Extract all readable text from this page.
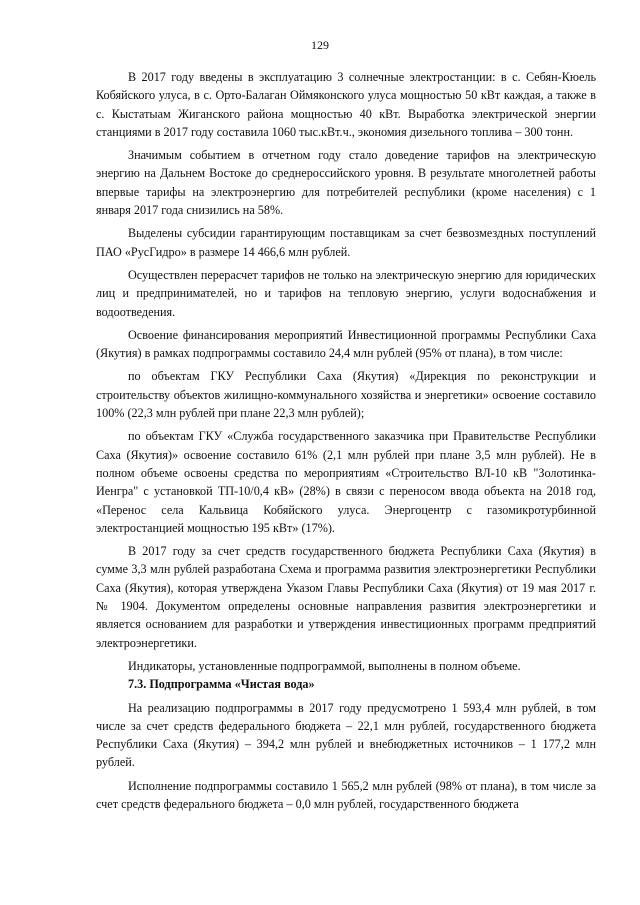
129

В 2017 году введены в эксплуатацию 3 солнечные электростанции: в с. Себян-Кюель Кобяйского улуса, в с. Орто-Балаган Оймяконского улуса мощностью 50 кВт каждая, а также в с. Кыстатыам Жиганского района мощностью 40 кВт. Выработка электрической энергии станциями в 2017 году составила 1060 тыс.кВт.ч., экономия дизельного топлива – 300 тонн.

Значимым событием в отчетном году стало доведение тарифов на электрическую энергию на Дальнем Востоке до среднероссийского уровня. В результате многолетней работы впервые тарифы на электроэнергию для потребителей республики (кроме населения) с 1 января 2017 года снизились на 58%.

Выделены субсидии гарантирующим поставщикам за счет безвозмездных поступлений ПАО «РусГидро» в размере 14 466,6 млн рублей.

Осуществлен перерасчет тарифов не только на электрическую энергию для юридических лиц и предпринимателей, но и тарифов на тепловую энергию, услуги водоснабжения и водоотведения.

Освоение финансирования мероприятий Инвестиционной программы Республики Саха (Якутия) в рамках подпрограммы составило 24,4 млн рублей (95% от плана), в том числе:

по объектам ГКУ Республики Саха (Якутия) «Дирекция по реконструкции и строительству объектов жилищно-коммунального хозяйства и энергетики» освоение составило 100% (22,3 млн рублей при плане 22,3 млн рублей);

по объектам ГКУ «Служба государственного заказчика при Правительстве Республики Саха (Якутия)» освоение составило 61% (2,1 млн рублей при плане 3,5 млн рублей). Не в полном объеме освоены средства по мероприятиям «Строительство ВЛ-10 кВ "Золотинка-Иенгра" с установкой ТП-10/0,4 кВ» (28%) в связи с переносом ввода объекта на 2018 год, «Перенос села Кальвица Кобяйского улуса. Энергоцентр с газомикротурбинной электростанцией мощностью 195 кВт» (17%).

В 2017 году за счет средств государственного бюджета Республики Саха (Якутия) в сумме 3,3 млн рублей разработана Схема и программа развития электроэнергетики Республики Саха (Якутия), которая утверждена Указом Главы Республики Саха (Якутия) от 19 мая 2017 г. № 1904. Документом определены основные направления развития электроэнергетики и является основанием для разработки и утверждения инвестиционных программ предприятий электроэнергетики.

Индикаторы, установленные подпрограммой, выполнены в полном объеме.

7.3. Подпрограмма «Чистая вода»

На реализацию подпрограммы в 2017 году предусмотрено 1 593,4 млн рублей, в том числе за счет средств федерального бюджета – 22,1 млн рублей, государственного бюджета Республики Саха (Якутия) – 394,2 млн рублей и внебюджетных источников – 1 177,2 млн рублей.

Исполнение подпрограммы составило 1 565,2 млн рублей (98% от плана), в том числе за счет средств федерального бюджета – 0,0 млн рублей, государственного бюджета
